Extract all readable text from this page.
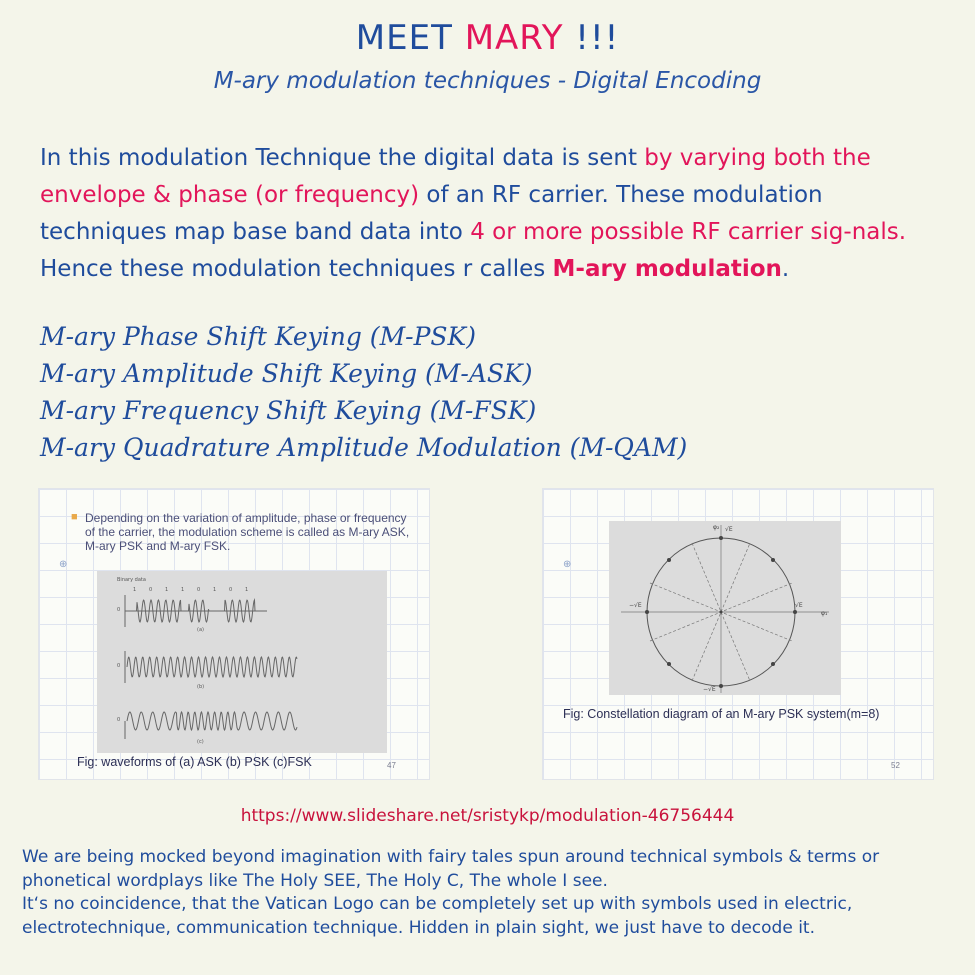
MEET MARY !!!
M-ary modulation techniques - Digital Encoding
In this modulation Technique the digital data is sent by varying both the envelope & phase (or frequency) of an RF carrier. These modulation techniques map base band data into 4 or more possible RF carrier sig-nals. Hence these modulation techniques r calles M-ary modulation.
M-ary Phase Shift Keying (M-PSK)
M-ary Amplitude Shift Keying (M-ASK)
M-ary Frequency Shift Keying (M-FSK)
M-ary Quadrature Amplitude Modulation (M-QAM)
⊕
■ Depending on the variation of amplitude, phase or frequency of the carrier, the modulation scheme is called as M-ary ASK, M-ary PSK and M-ary FSK.
Binary data
1	0	1	1	0	1	0	1
0
0
0
(a)
(b)
(c)
Fig: waveforms of (a) ASK (b) PSK (c)FSK	47
⊕
√E
−√E	√E
−√E
φ₁
φ₂
Fig: Constellation diagram of an M-ary PSK system(m=8)
52
https://www.slideshare.net/sristykp/modulation-46756444
We are being mocked beyond imagination with fairy tales spun around technical symbols & terms or phonetical wordplays like The Holy SEE, The Holy C, The whole I see.
It‘s no coincidence, that the Vatican Logo can be completely set up with symbols used in electric, electrotechnique, communication technique. Hidden in plain sight, we just have to decode it.
